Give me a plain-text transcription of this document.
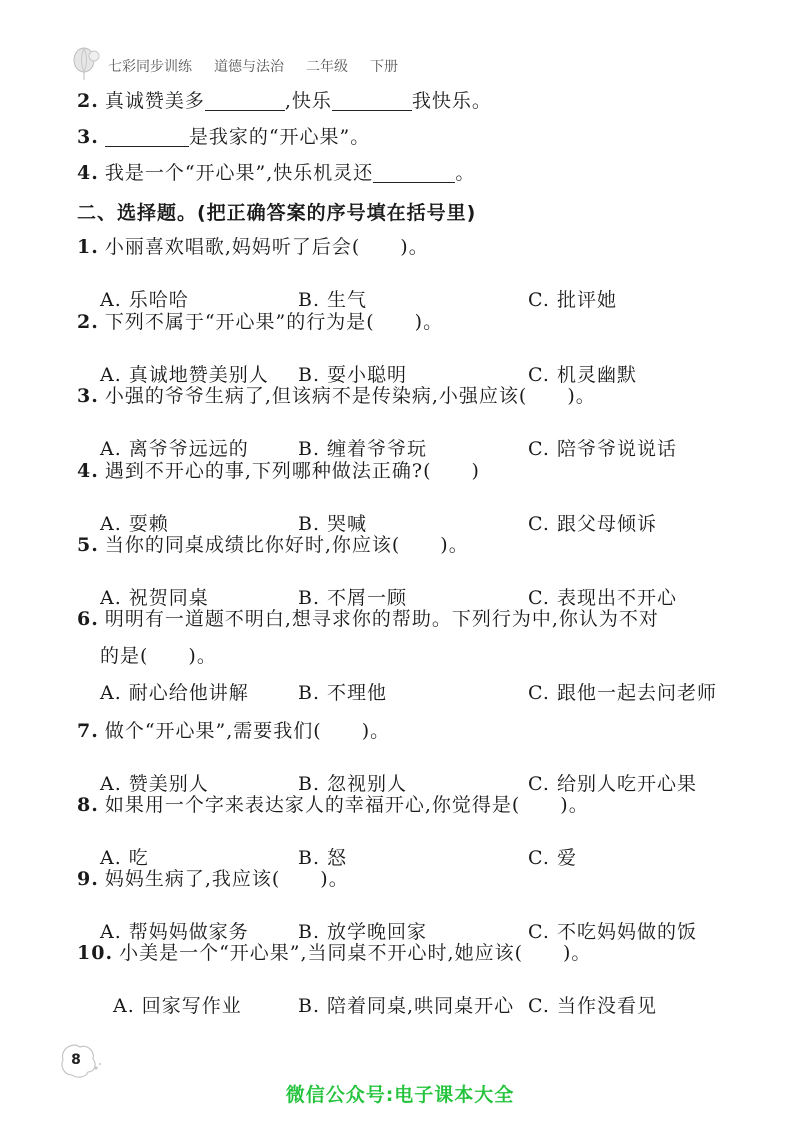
七彩同步训练 道德与法治 二年级 下册
2. 真诚赞美多	,快乐	我快乐。
3.	是我家的“开心果”。
4. 我是一个“开心果”,快乐机灵还	。
二、选择题。(把正确答案的序号填在括号里)
1. 小丽喜欢唱歌,妈妈听了后会(　　)。
A. 乐哈哈	B. 生气	C. 批评她
2. 下列不属于“开心果”的行为是(　　)。
A. 真诚地赞美别人 B. 耍小聪明	C. 机灵幽默
3. 小强的爷爷生病了,但该病不是传染病,小强应该(　　)。
A. 离爷爷远远的	B. 缠着爷爷玩	C. 陪爷爷说说话
4. 遇到不开心的事,下列哪种做法正确?(　　)
A. 耍赖	B. 哭喊	C. 跟父母倾诉
5. 当你的同桌成绩比你好时,你应该(　　)。
A. 祝贺同桌	B. 不屑一顾	C. 表现出不开心
6. 明明有一道题不明白,想寻求你的帮助。下列行为中,你认为不对
的是(　　)。
A. 耐心给他讲解	B. 不理他	C. 跟他一起去问老师
7. 做个“开心果”,需要我们(　　)。
A. 赞美别人	B. 忽视别人	C. 给别人吃开心果
8. 如果用一个字来表达家人的幸福开心,你觉得是(　　)。
A. 吃	B. 怒	C. 爱
9. 妈妈生病了,我应该(　　)。
A. 帮妈妈做家务	B. 放学晚回家	C. 不吃妈妈做的饭
10. 小美是一个“开心果”,当同桌不开心时,她应该(　　)。
A. 回家写作业	B. 陪着同桌,哄同桌开心 C. 当作没看见
8
微信公众号:电子课本大全
